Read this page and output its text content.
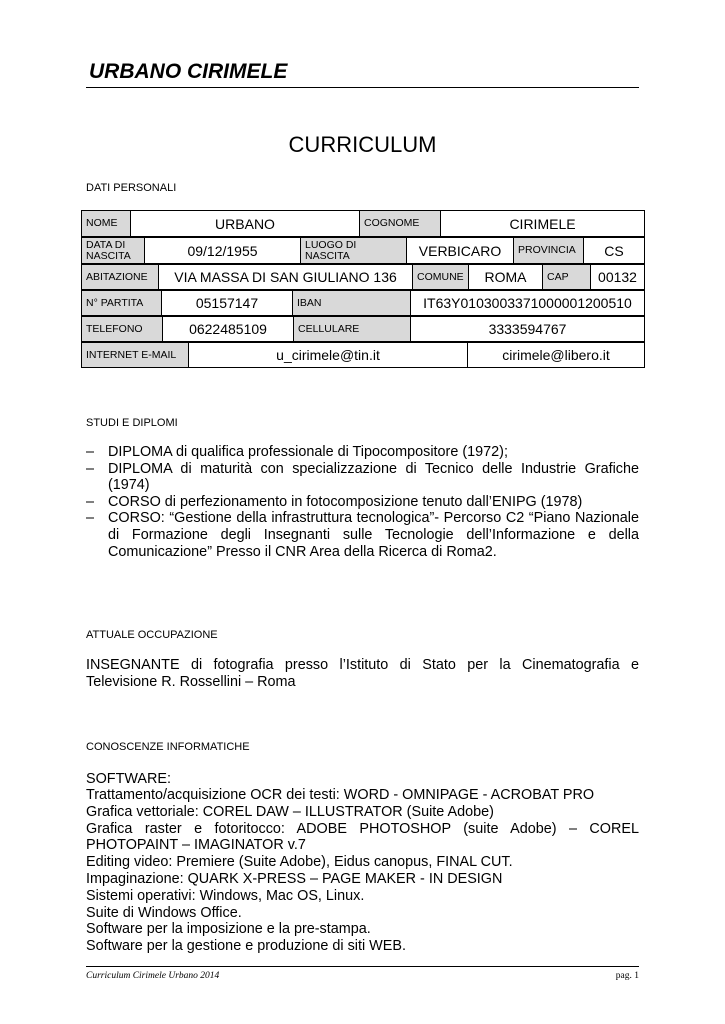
URBANO CIRIMELE
CURRICULUM
DATI PERSONALI
NOME	URBANO	COGNOME	CIRIMELE
DATA DI NASCITA	09/12/1955	LUOGO DI NASCITA	VERBICARO	PROVINCIA	CS
ABITAZIONE	VIA MASSA DI SAN GIULIANO 136	COMUNE	ROMA	CAP	00132
N° PARTITA	05157147	IBAN	IT63Y0103003371000001200510
TELEFONO	0622485109	CELLULARE	3333594767
INTERNET E-MAIL	u_cirimele@tin.it	cirimele@libero.it
STUDI E DIPLOMI
– DIPLOMA di qualifica professionale di Tipocompositore (1972);
– DIPLOMA di maturità con specializzazione di Tecnico delle Industrie Grafiche (1974)
– CORSO di perfezionamento in fotocomposizione tenuto dall’ENIPG (1978)
– CORSO: “Gestione della infrastruttura tecnologica”- Percorso C2 “Piano Nazionale di Formazione degli Insegnanti sulle Tecnologie dell’Informazione e della Comunicazione” Presso il CNR Area della Ricerca di Roma2.
ATTUALE OCCUPAZIONE
INSEGNANTE di fotografia presso l’Istituto di Stato per la Cinematografia e Televisione R. Rossellini – Roma
CONOSCENZE INFORMATICHE
SOFTWARE:
Trattamento/acquisizione OCR dei testi: WORD - OMNIPAGE - ACROBAT PRO
Grafica vettoriale: COREL DAW – ILLUSTRATOR (Suite Adobe)
Grafica raster e fotoritocco: ADOBE PHOTOSHOP (suite Adobe) – COREL PHOTOPAINT – IMAGINATOR v.7
Editing video: Premiere (Suite Adobe), Eidus canopus, FINAL CUT.
Impaginazione: QUARK X-PRESS – PAGE MAKER - IN DESIGN
Sistemi operativi: Windows, Mac OS, Linux.
Suite di Windows Office.
Software per la imposizione e la pre-stampa.
Software per la gestione e produzione di siti WEB.
Curriculum Cirimele Urbano 2014	pag. 1
